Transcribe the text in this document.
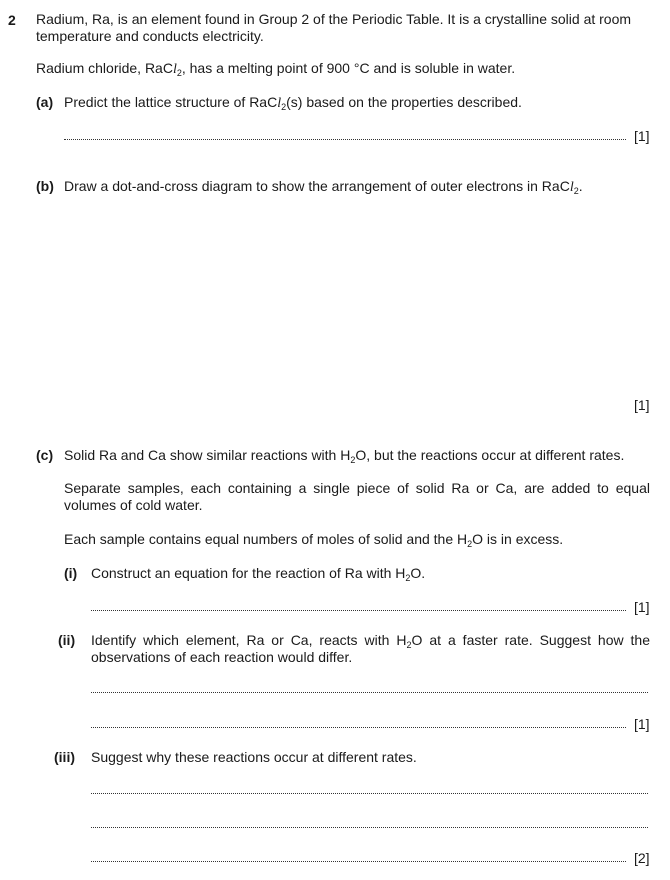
2 Radium, Ra, is an element found in Group 2 of the Periodic Table. It is a crystalline solid at room
temperature and conducts electricity.
Radium chloride, RaCl$_2$, has a melting point of 900 °C and is soluble in water.
(a) Predict the lattice structure of RaCl$_2$(s) based on the properties described.
[1]
(b) Draw a dot-and-cross diagram to show the arrangement of outer electrons in RaCl$_2$.
[1]
(c) Solid Ra and Ca show similar reactions with $H_2O$, but the reactions occur at different rates.
Separate samples, each containing a single piece of solid Ra or Ca, are added to equal
volumes of cold water.
Each sample contains equal numbers of moles of solid and the $H_2O$ is in excess.
(i) Construct an equation for the reaction of Ra with $H_2O$.
[1]
(ii) Identify which element, Ra or Ca, reacts with $H_2O$ at a faster rate. Suggest how the
observations of each reaction would differ.
[1]
(iii) Suggest why these reactions occur at different rates.
[2]
